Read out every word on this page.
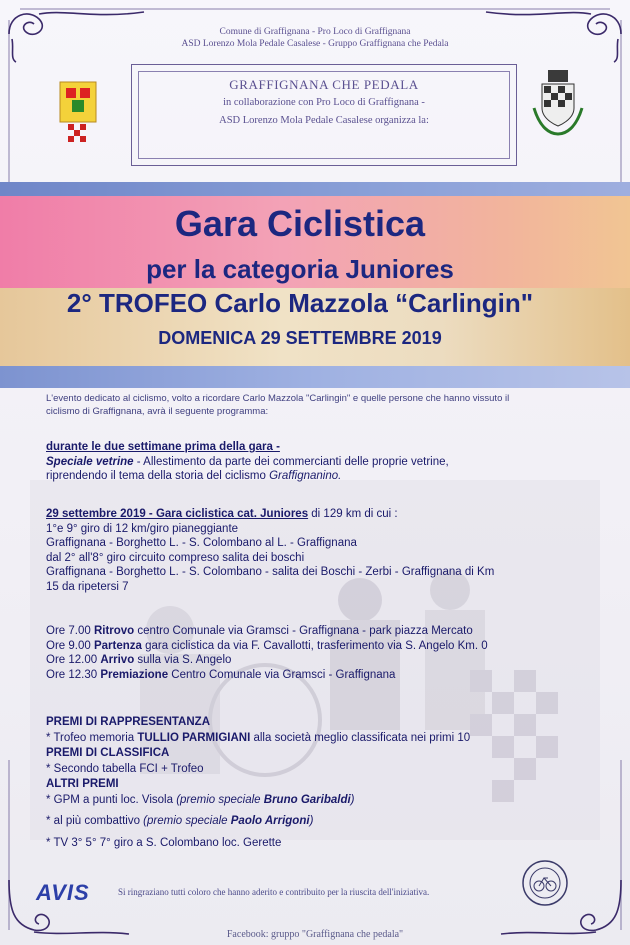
Comune di Graffignana - Pro Loco di Graffignana
ASD Lorenzo Mola Pedale Casalese - Gruppo Graffignana che Pedala
GRAFFIGNANA CHE PEDALA
in collaborazione con Pro Loco di Graffignana -
ASD Lorenzo Mola Pedale Casalese organizza la:
Gara Ciclistica
per la categoria Juniores
2° TROFEO Carlo Mazzola “Carlingin"
DOMENICA 29 SETTEMBRE 2019
L'evento dedicato al ciclismo, volto a ricordare Carlo Mazzola "Carlingin" e quelle persone che hanno vissuto il
ciclismo di Graffignana, avrà il seguente programma:
durante le due settimane prima della gara -
Speciale vetrine - Allestimento da parte dei commercianti delle proprie vetrine,
riprendendo il tema della storia del ciclismo Graffignanino.
29 settembre 2019 - Gara ciclistica cat. Juniores di 129 km di cui :
1°e 9° giro di 12 km/giro pianeggiante
Graffignana - Borghetto L. - S. Colombano al L. - Graffignana
dal 2° all'8° giro circuito compreso salita dei boschi
Graffignana - Borghetto L. - S. Colombano - salita dei Boschi - Zerbi - Graffignana di Km
15 da ripetersi 7
Ore 7.00 Ritrovo centro Comunale via Gramsci - Graffignana - park piazza Mercato
Ore 9.00 Partenza gara ciclistica da via F. Cavallotti, trasferimento via S. Angelo Km. 0
Ore 12.00 Arrivo sulla via S. Angelo
Ore 12.30 Premiazione Centro Comunale via Gramsci - Graffignana
PREMI DI RAPPRESENTANZA
* Trofeo memoria TULLIO PARMIGIANI alla società meglio classificata nei primi 10
PREMI DI CLASSIFICA
* Secondo tabella FCI + Trofeo
ALTRI PREMI
* GPM a punti loc. Visola (premio speciale Bruno Garibaldi)
* al più combattivo (premio speciale Paolo Arrigoni)
* TV 3° 5° 7° giro a S. Colombano loc. Gerette
AVIS	Si ringraziano tutti coloro che hanno aderito e contribuito per la riuscita dell'iniziativa.
Facebook: gruppo "Graffignana che pedala"
